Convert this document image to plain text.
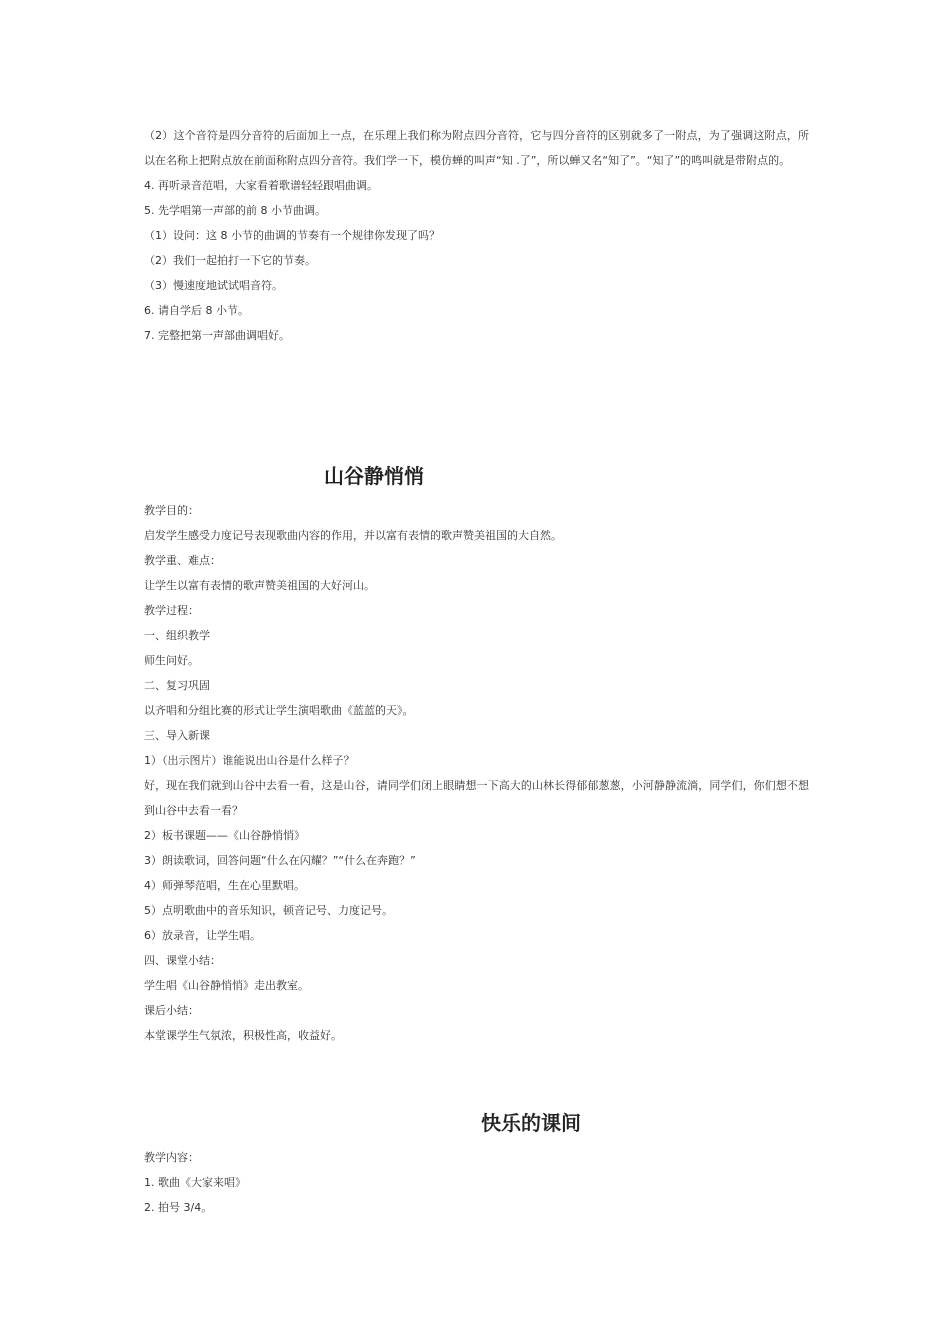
（2）这个音符是四分音符的后面加上一点，在乐理上我们称为附点四分音符，它与四分音符的区别就多了一附点，为了强调这附点，所以在名称上把附点放在前面称附点四分音符。我们学一下，模仿蝉的叫声“知 .了”，所以蝉又名“知了”。“知了”的鸣叫就是带附点的。
4. 再听录音范唱，大家看着歌谱轻轻跟唱曲调。
5. 先学唱第一声部的前 8 小节曲调。
（1）设问：这 8 小节的曲调的节奏有一个规律你发现了吗？
（2）我们一起拍打一下它的节奏。
（3）慢速度地试试唱音符。
6. 请自学后 8 小节。
7. 完整把第一声部曲调唱好。
山谷静悄悄
教学目的：
启发学生感受力度记号表现歌曲内容的作用，并以富有表情的歌声赞美祖国的大自然。
教学重、难点：
让学生以富有表情的歌声赞美祖国的大好河山。
教学过程：
一、组织教学
师生问好。
二、复习巩固
以齐唱和分组比赛的形式让学生演唱歌曲《蓝蓝的天》。
三、导入新课
1）（出示图片）谁能说出山谷是什么样子？
好，现在我们就到山谷中去看一看，这是山谷，请同学们闭上眼睛想一下高大的山林长得郁郁葱葱，小河静静流淌，同学们，你们想不想到山谷中去看一看？
2）板书课题——《山谷静悄悄》
3）朗读歌词，回答问题“什么在闪耀？”“什么在奔跑？”
4）师弹琴范唱，生在心里默唱。
5）点明歌曲中的音乐知识，顿音记号、力度记号。
6）放录音，让学生唱。
四、课堂小结：
学生唱《山谷静悄悄》走出教室。
课后小结：
本堂课学生气氛浓，积极性高，收益好。
快乐的课间
教学内容：
1. 歌曲《大家来唱》
2. 拍号 3/4。
